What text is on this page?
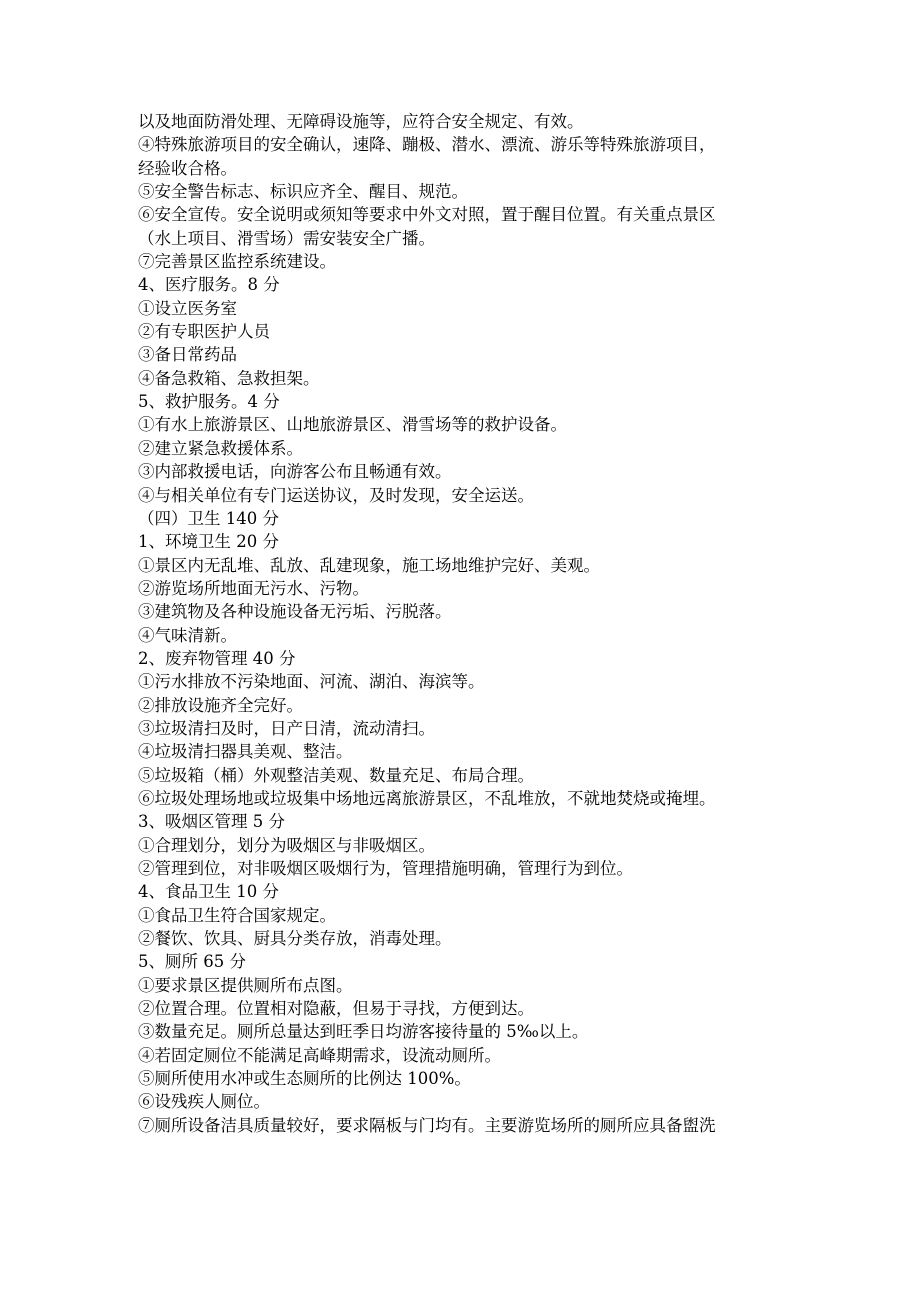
以及地面防滑处理、无障碍设施等，应符合安全规定、有效。
④特殊旅游项目的安全确认，速降、蹦极、潜水、漂流、游乐等特殊旅游项目，
经验收合格。
⑤安全警告标志、标识应齐全、醒目、规范。
⑥安全宣传。安全说明或须知等要求中外文对照，置于醒目位置。有关重点景区
（水上项目、滑雪场）需安装安全广播。
⑦完善景区监控系统建设。
4、医疗服务。8 分
①设立医务室
②有专职医护人员
③备日常药品
④备急救箱、急救担架。
5、救护服务。4 分
①有水上旅游景区、山地旅游景区、滑雪场等的救护设备。
②建立紧急救援体系。
③内部救援电话，向游客公布且畅通有效。
④与相关单位有专门运送协议，及时发现，安全运送。
（四）卫生 140 分
1、环境卫生 20 分
①景区内无乱堆、乱放、乱建现象，施工场地维护完好、美观。
②游览场所地面无污水、污物。
③建筑物及各种设施设备无污垢、污脱落。
④气味清新。
2、废弃物管理 40 分
①污水排放不污染地面、河流、湖泊、海滨等。
②排放设施齐全完好。
③垃圾清扫及时，日产日清，流动清扫。
④垃圾清扫器具美观、整洁。
⑤垃圾箱（桶）外观整洁美观、数量充足、布局合理。
⑥垃圾处理场地或垃圾集中场地远离旅游景区，不乱堆放，不就地焚烧或掩埋。
3、吸烟区管理 5 分
①合理划分，划分为吸烟区与非吸烟区。
②管理到位，对非吸烟区吸烟行为，管理措施明确，管理行为到位。
4、食品卫生 10 分
①食品卫生符合国家规定。
②餐饮、饮具、厨具分类存放，消毒处理。
5、厕所 65 分
①要求景区提供厕所布点图。
②位置合理。位置相对隐蔽，但易于寻找，方便到达。
③数量充足。厕所总量达到旺季日均游客接待量的 5‰以上。
④若固定厕位不能满足高峰期需求，设流动厕所。
⑤厕所使用水冲或生态厕所的比例达 100%。
⑥设残疾人厕位。
⑦厕所设备洁具质量较好，要求隔板与门均有。主要游览场所的厕所应具备盥洗
